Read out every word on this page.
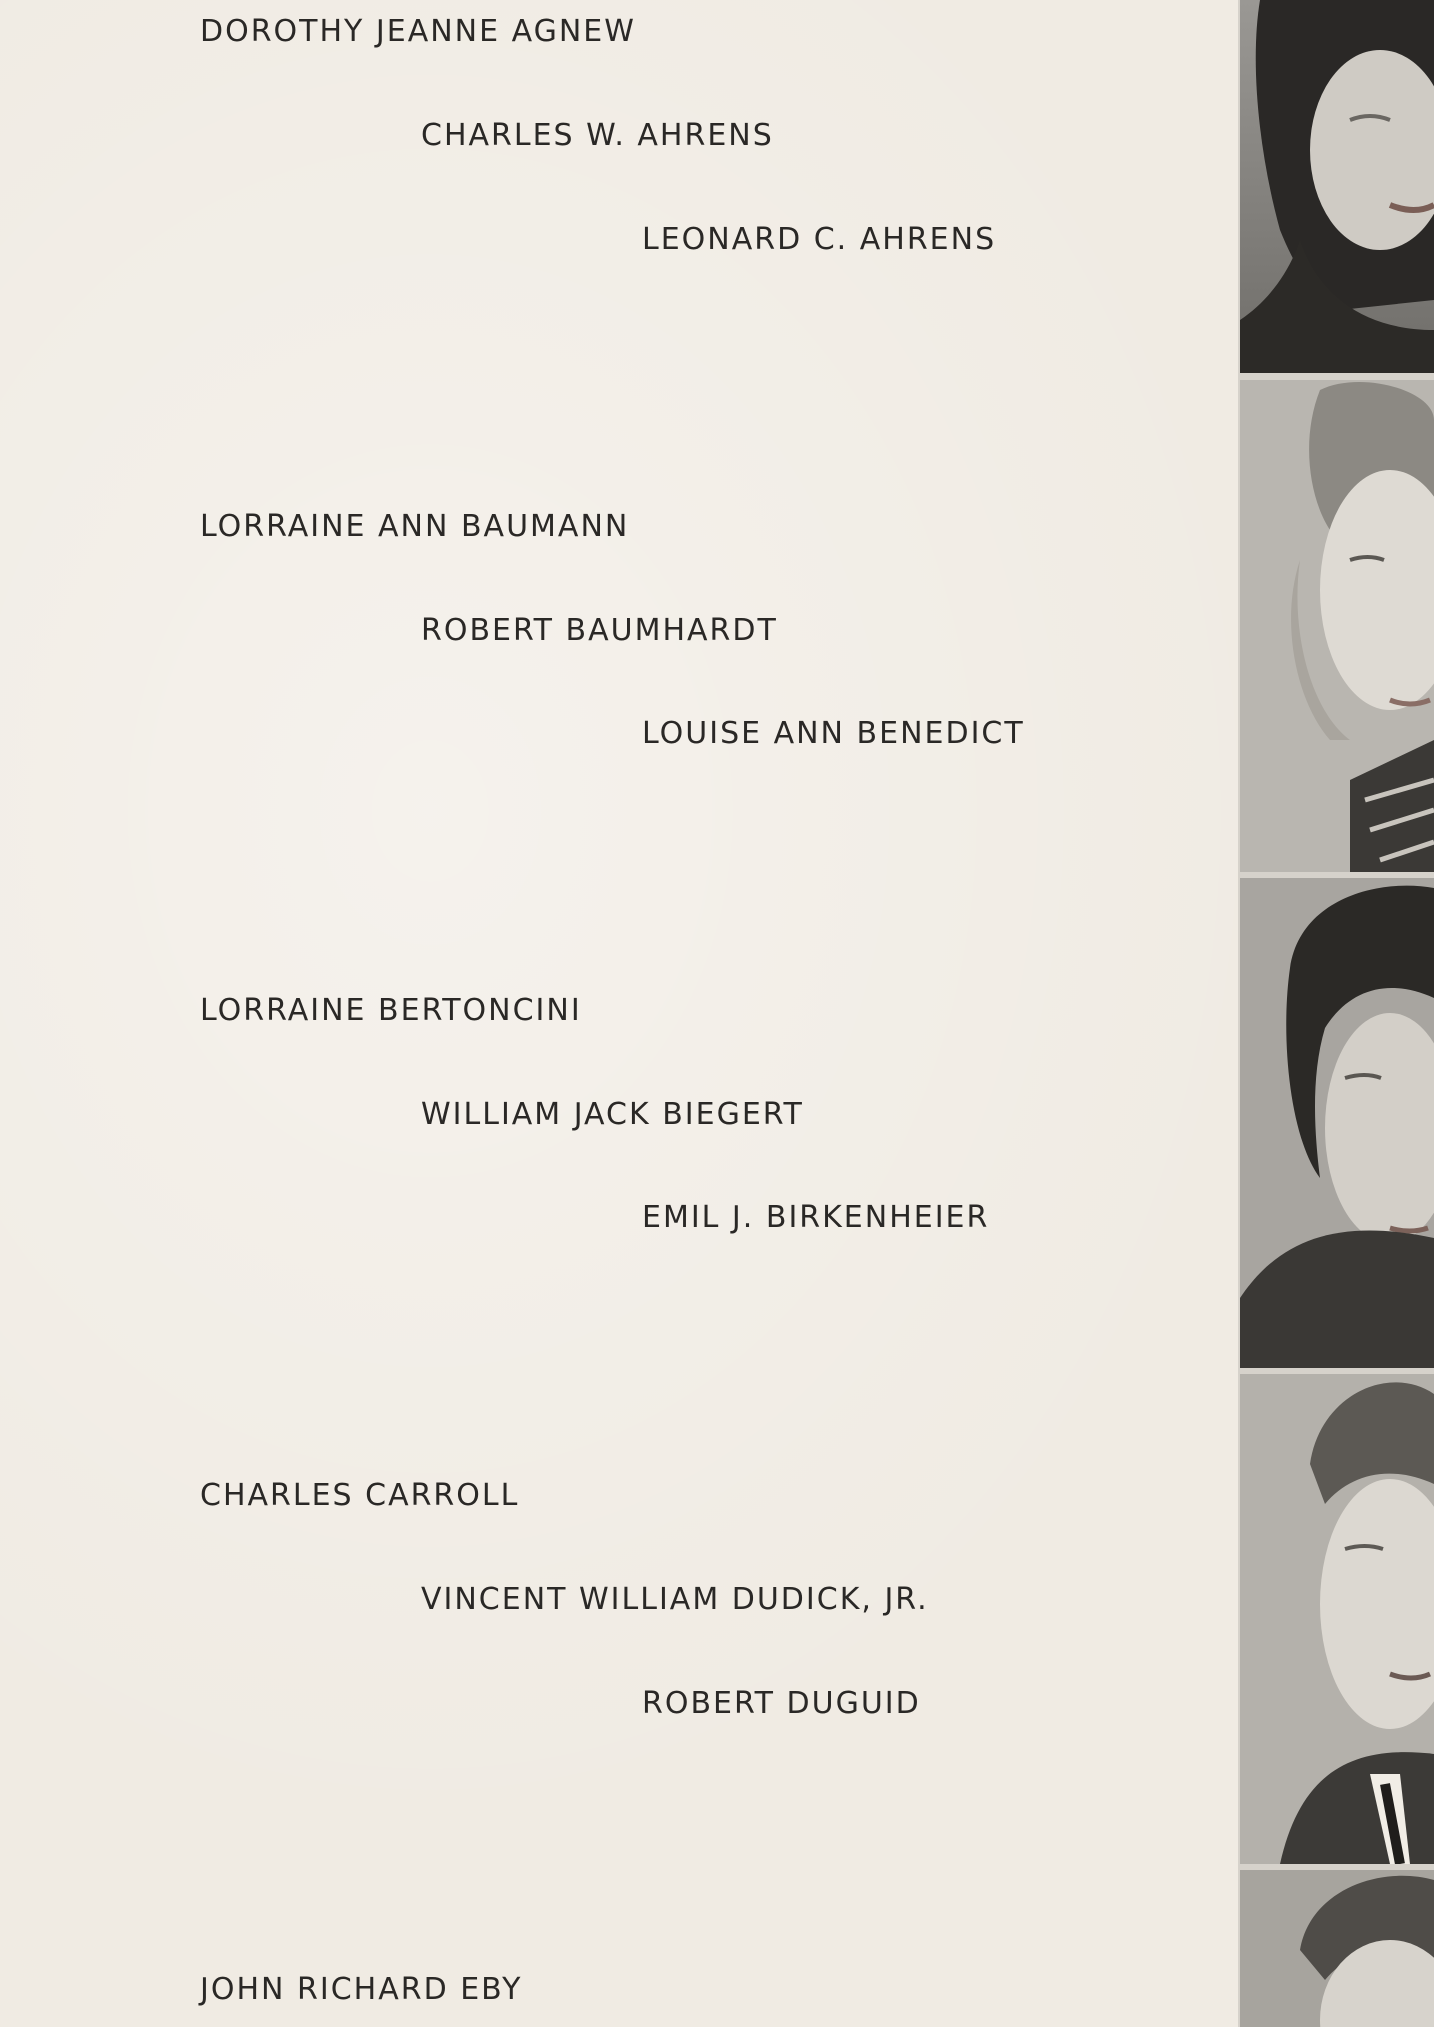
DOROTHY JEANNE AGNEW
CHARLES W. AHRENS
LEONARD C. AHRENS
LORRAINE ANN BAUMANN
ROBERT BAUMHARDT
LOUISE ANN BENEDICT
LORRAINE BERTONCINI
WILLIAM JACK BIEGERT
EMIL J. BIRKENHEIER
CHARLES CARROLL
VINCENT WILLIAM DUDICK, JR.
ROBERT DUGUID
JOHN RICHARD EBY
